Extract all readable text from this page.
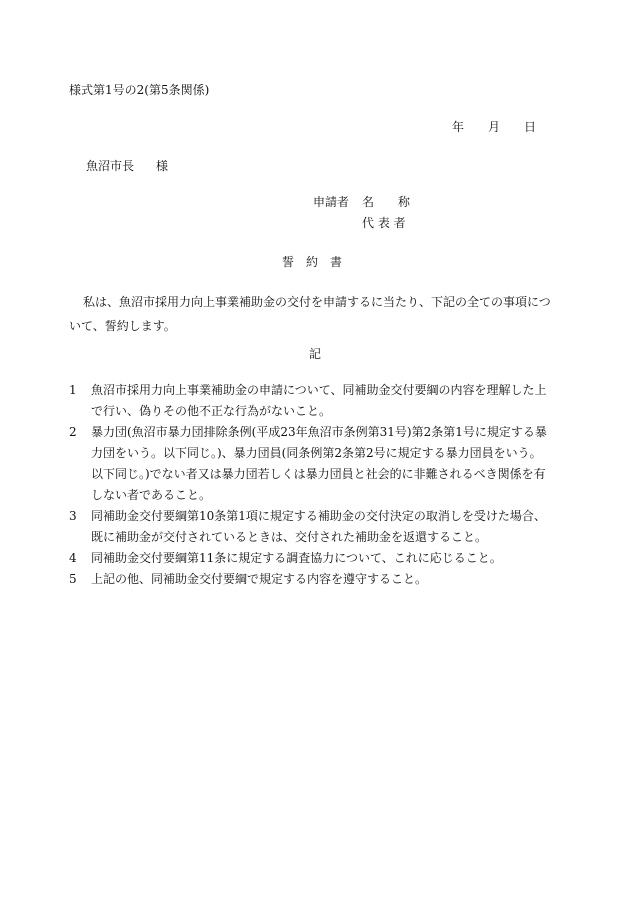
様式第1号の2(第5条関係)
年 月 日
魚沼市長 様
申請者 名　　称
代 表 者
誓約書
私は、魚沼市採用力向上事業補助金の交付を申請するに当たり、下記の全ての事項について、誓約します。
記
1	魚沼市採用力向上事業補助金の申請について、同補助金交付要綱の内容を理解した上で行い、偽りその他不正な行為がないこと。
2	暴力団(魚沼市暴力団排除条例(平成23年魚沼市条例第31号)第2条第1号に規定する暴力団をいう。以下同じ。)、暴力団員(同条例第2条第2号に規定する暴力団員をいう。以下同じ。)でない者又は暴力団若しくは暴力団員と社会的に非難されるべき関係を有しない者であること。
3	同補助金交付要綱第10条第1項に規定する補助金の交付決定の取消しを受けた場合、既に補助金が交付されているときは、交付された補助金を返還すること。
4	同補助金交付要綱第11条に規定する調査協力について、これに応じること。
5	上記の他、同補助金交付要綱で規定する内容を遵守すること。
